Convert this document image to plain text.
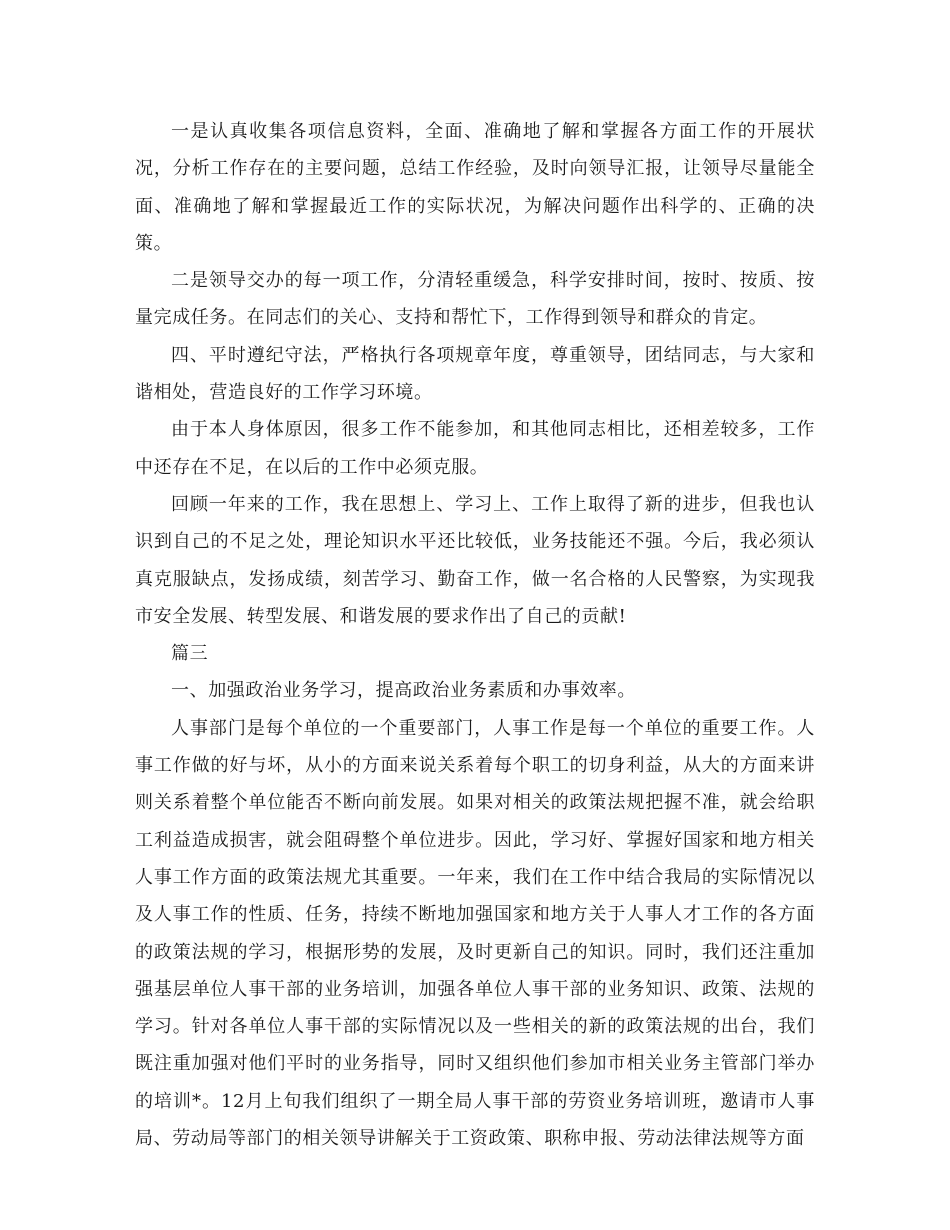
一是认真收集各项信息资料，全面、准确地了解和掌握各方面工作的开展状况，分析工作存在的主要问题，总结工作经验，及时向领导汇报，让领导尽量能全面、准确地了解和掌握最近工作的实际状况，为解决问题作出科学的、正确的决策。

二是领导交办的每一项工作，分清轻重缓急，科学安排时间，按时、按质、按量完成任务。在同志们的关心、支持和帮忙下，工作得到领导和群众的肯定。

四、平时遵纪守法，严格执行各项规章年度，尊重领导，团结同志，与大家和谐相处，营造良好的工作学习环境。

由于本人身体原因，很多工作不能参加，和其他同志相比，还相差较多，工作中还存在不足，在以后的工作中必须克服。

回顾一年来的工作，我在思想上、学习上、工作上取得了新的进步，但我也认识到自己的不足之处，理论知识水平还比较低，业务技能还不强。今后，我必须认真克服缺点，发扬成绩，刻苦学习、勤奋工作，做一名合格的人民警察，为实现我市安全发展、转型发展、和谐发展的要求作出了自己的贡献!

篇三

一、加强政治业务学习，提高政治业务素质和办事效率。

人事部门是每个单位的一个重要部门，人事工作是每一个单位的重要工作。人事工作做的好与坏，从小的方面来说关系着每个职工的切身利益，从大的方面来讲则关系着整个单位能否不断向前发展。如果对相关的政策法规把握不准，就会给职工利益造成损害，就会阻碍整个单位进步。因此，学习好、掌握好国家和地方相关人事工作方面的政策法规尤其重要。一年来，我们在工作中结合我局的实际情况以及人事工作的性质、任务，持续不断地加强国家和地方关于人事人才工作的各方面的政策法规的学习，根据形势的发展，及时更新自己的知识。同时，我们还注重加强基层单位人事干部的业务培训，加强各单位人事干部的业务知识、政策、法规的学习。针对各单位人事干部的实际情况以及一些相关的新的政策法规的出台，我们既注重加强对他们平时的业务指导，同时又组织他们参加市相关业务主管部门举办的培训*。12月上旬我们组织了一期全局人事干部的劳资业务培训班，邀请市人事局、劳动局等部门的相关领导讲解关于工资政策、职称申报、劳动法律法规等方面
